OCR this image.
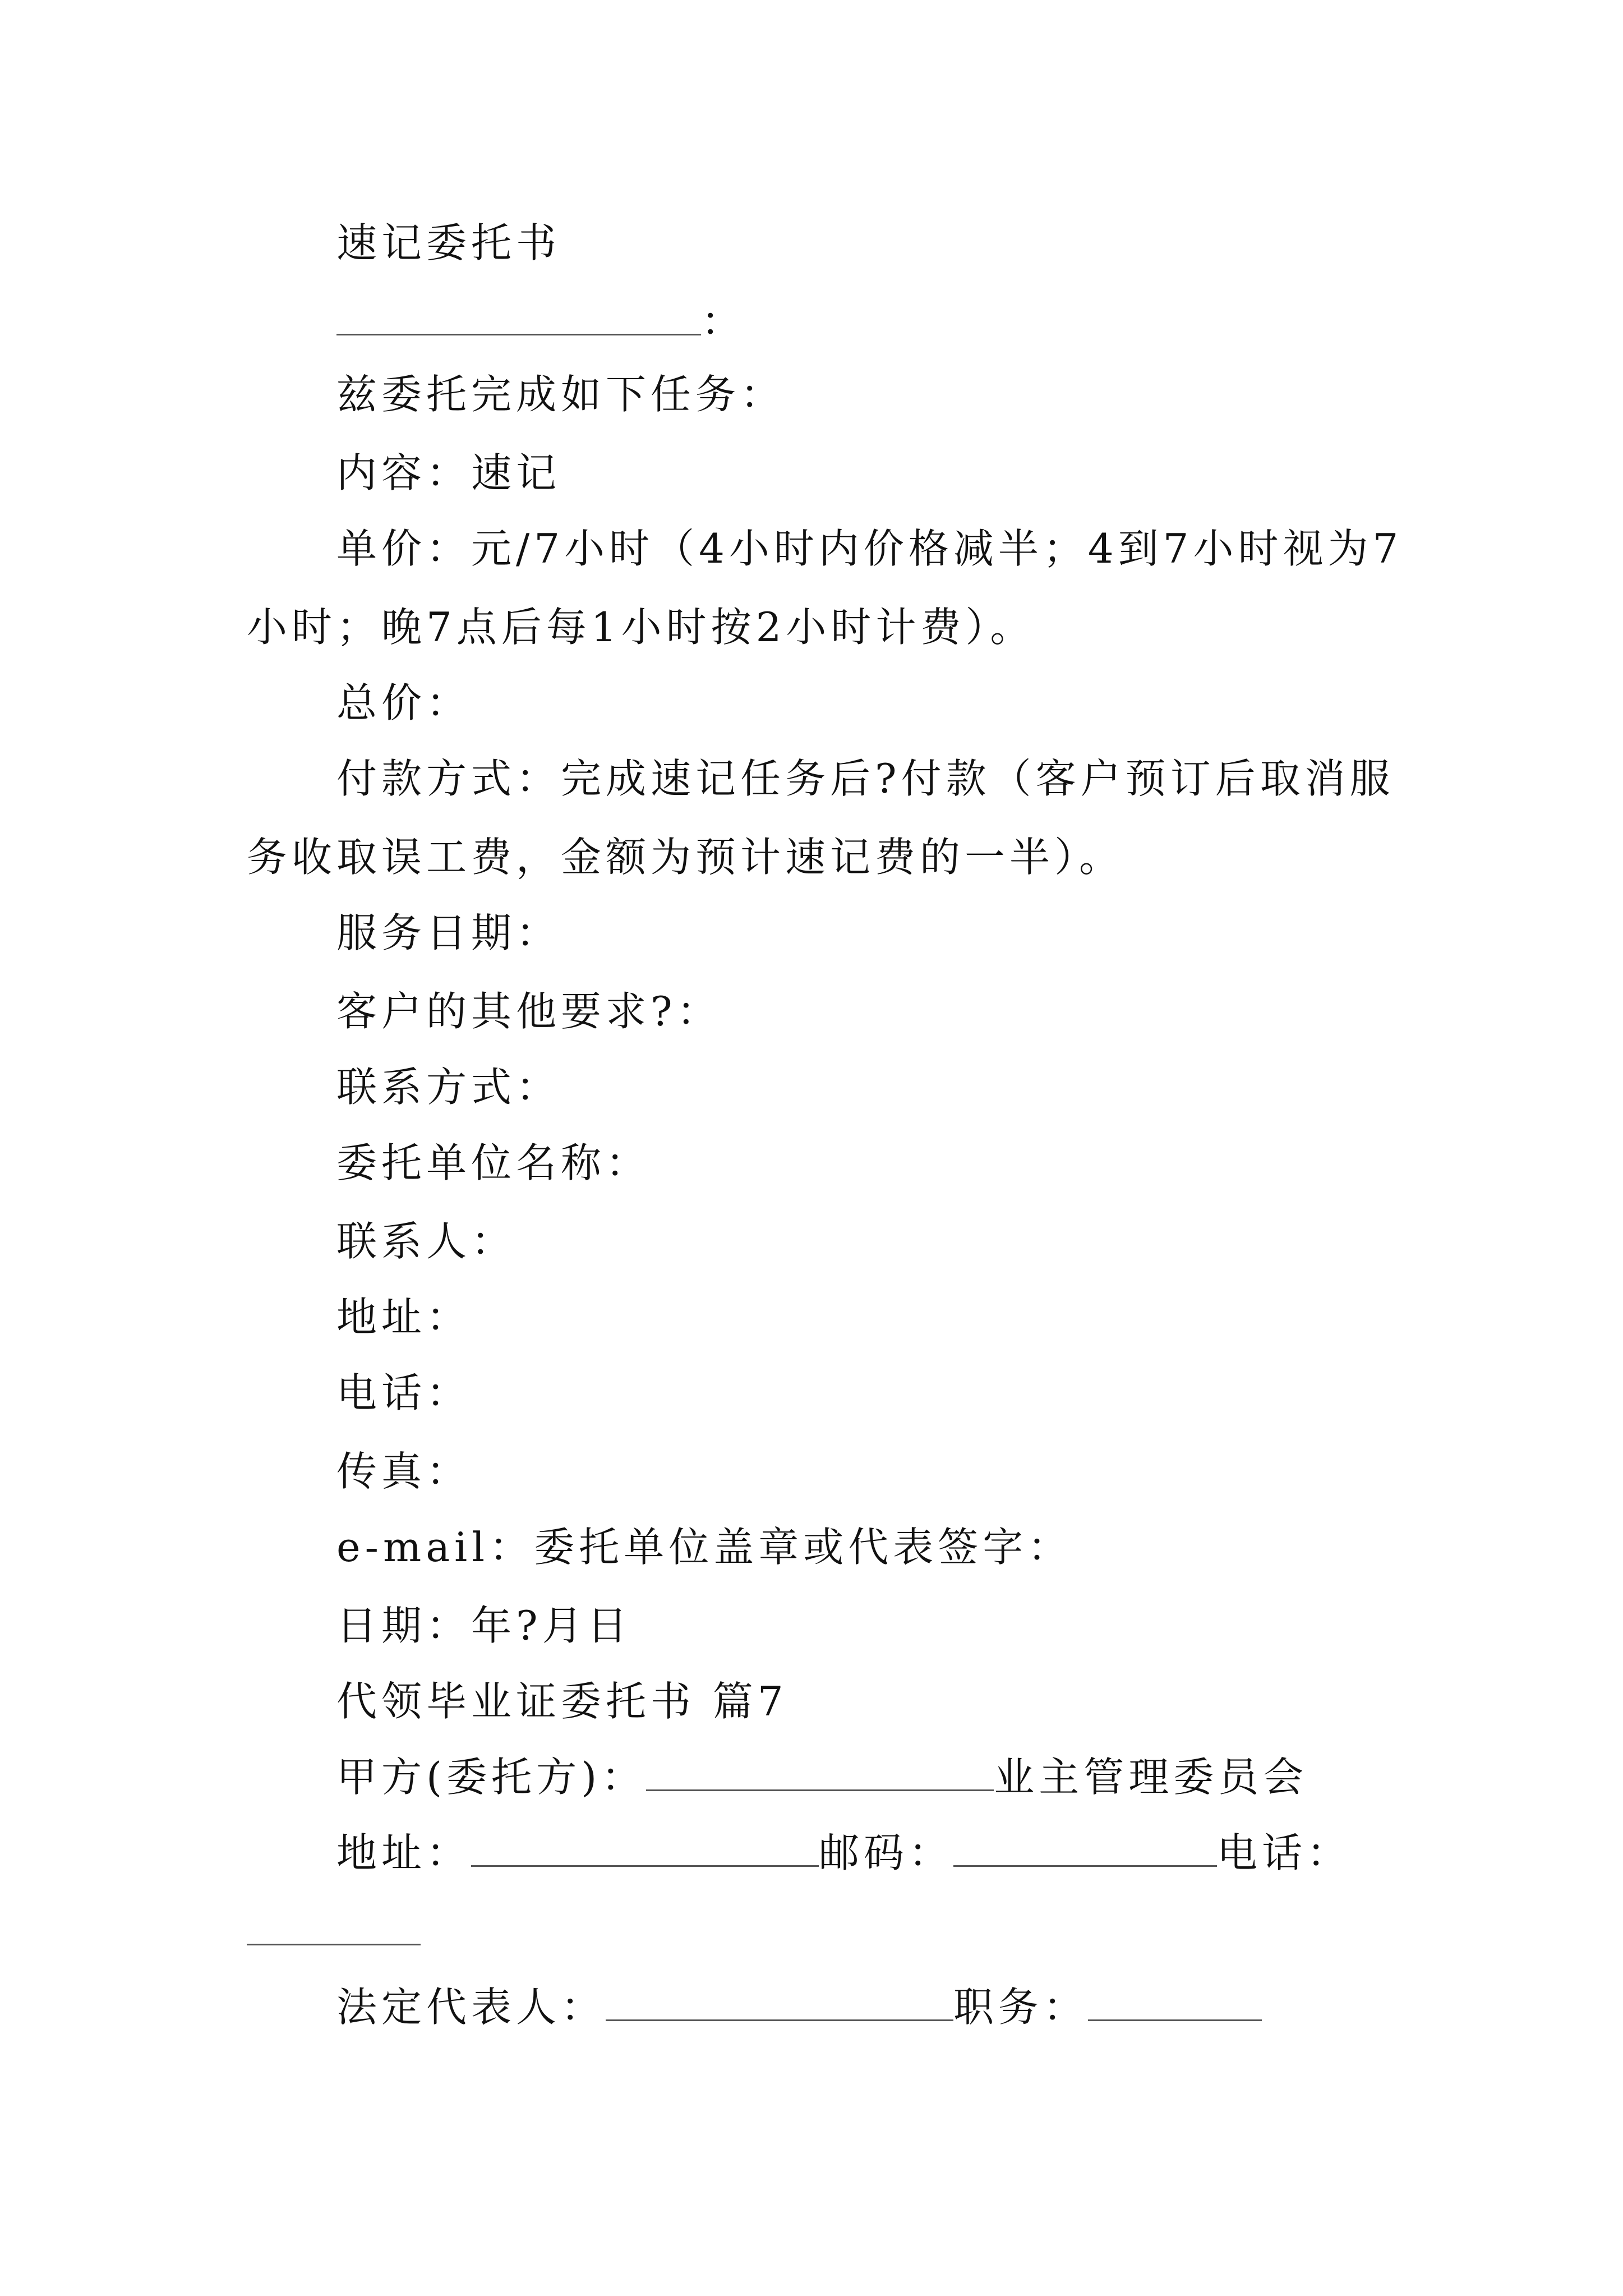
速记委托书
：
兹委托完成如下任务：
内容：速记
单价：元/7小时（4小时内价格减半；4到7小时视为7
小时；晚7点后每1小时按2小时计费）。
总价：
付款方式：完成速记任务后?付款（客户预订后取消服
务收取误工费，金额为预计速记费的一半）。
服务日期：
客户的其他要求?：
联系方式：
委托单位名称：
联系人：
地址：
电话：
传真：
e-mail：委托单位盖章或代表签字：
日期：年?月日
代领毕业证委托书 篇7
甲方(委托方)：	业主管理委员会
地址：	邮码：	电话：
法定代表人：	职务：
